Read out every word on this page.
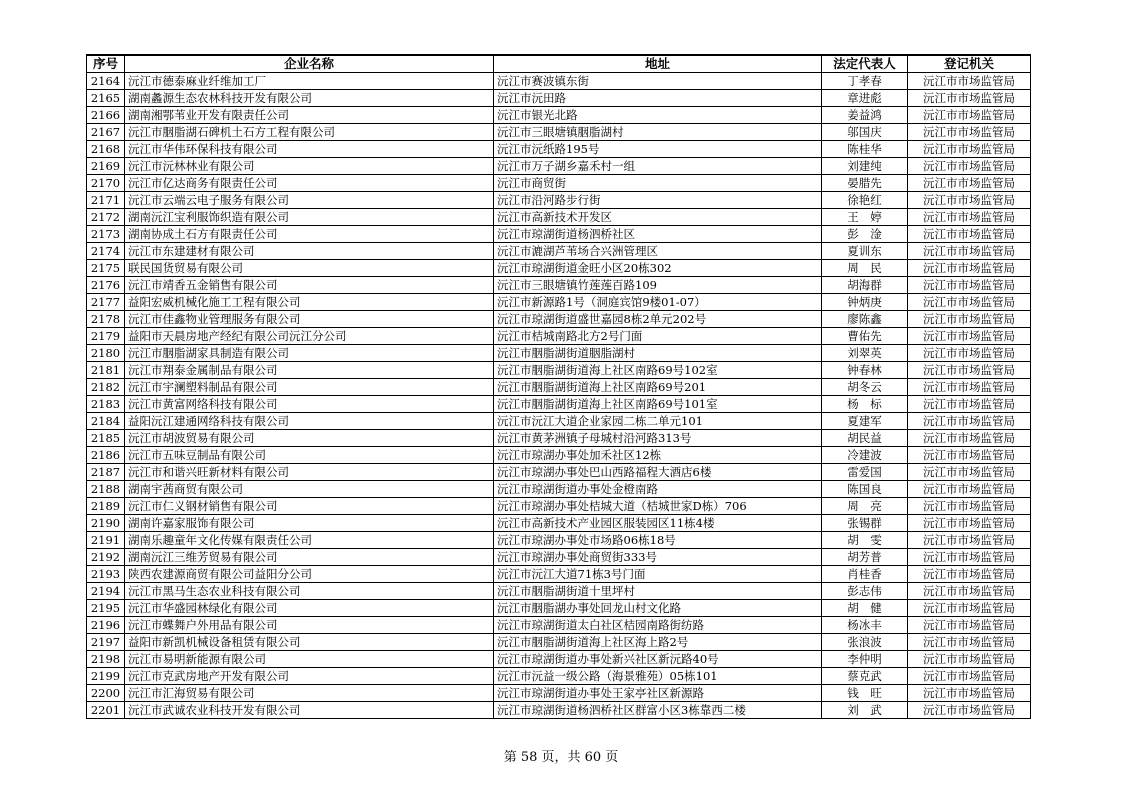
序号	企业名称	地址	法定代表人	登记机关
2164	沅江市德泰麻业纤维加工厂	沅江市赛波镇东街	丁孝春	沅江市市场监管局
2165	湖南蠡源生态农林科技开发有限公司	沅江市沅田路	章进彪	沅江市市场监管局
2166	湖南湘鄂苇业开发有限责任公司	沅江市银光北路	姜益鸿	沅江市市场监管局
2167	沅江市胭脂湖石碑机土石方工程有限公司	沅江市三眼塘镇胭脂湖村	邬国庆	沅江市市场监管局
2168	沅江市华伟环保科技有限公司	沅江市沅纸路195号	陈桂华	沅江市市场监管局
2169	沅江市沅林林业有限公司	沅江市万子湖乡嘉禾村一组	刘建纯	沅江市市场监管局
2170	沅江市亿达商务有限责任公司	沅江市商贸街	晏腊先	沅江市市场监管局
2171	沅江市云端云电子服务有限公司	沅江市沿河路步行街	徐艳红	沅江市市场监管局
2172	湖南沅江宝利服饰织造有限公司	沅江市高新技术开发区	王　婷	沅江市市场监管局
2173	湖南协成土石方有限责任公司	沅江市琼湖街道杨泗桥社区	彭　淦	沅江市市场监管局
2174	沅江市东建建材有限公司	沅江市漉湖芦苇场合兴洲管理区	夏训东	沅江市市场监管局
2175	联民国货贸易有限公司	沅江市琼湖街道金旺小区20栋302	周　民	沅江市市场监管局
2176	沅江市靖香五金销售有限公司	沅江市三眼塘镇竹莲莲百路109	胡海群	沅江市市场监管局
2177	益阳宏威机械化施工工程有限公司	沅江市新源路1号（洞庭宾馆9楼01-07）	钟炳庚	沅江市市场监管局
2178	沅江市佳鑫物业管理服务有限公司	沅江市琼湖街道盛世嘉园8栋2单元202号	廖陈鑫	沅江市市场监管局
2179	益阳市天晨房地产经纪有限公司沅江分公司	沅江市桔城南路北方2号门面	曹佑先	沅江市市场监管局
2180	沅江市胭脂湖家具制造有限公司	沅江市胭脂湖街道胭脂湖村	刘翠英	沅江市市场监管局
2181	沅江市翔泰金属制品有限公司	沅江市胭脂湖街道海上社区南路69号102室	钟春林	沅江市市场监管局
2182	沅江市宇澜塑料制品有限公司	沅江市胭脂湖街道海上社区南路69号201	胡冬云	沅江市市场监管局
2183	沅江市黄富网络科技有限公司	沅江市胭脂湖街道海上社区南路69号101室	杨　标	沅江市市场监管局
2184	益阳沅江建通网络科技有限公司	沅江市沅江大道企业家园二栋二单元101	夏建军	沅江市市场监管局
2185	沅江市胡波贸易有限公司	沅江市黄茅洲镇子母城村沿河路313号	胡民益	沅江市市场监管局
2186	沅江市五味豆制品有限公司	沅江市琼湖办事处加禾社区12栋	冷建波	沅江市市场监管局
2187	沅江市和谐兴旺新材料有限公司	沅江市琼湖办事处巴山西路福程大酒店6楼	雷爱国	沅江市市场监管局
2188	湖南宇茜商贸有限公司	沅江市琼湖街道办事处金橙南路	陈国良	沅江市市场监管局
2189	沅江市仁义钢材销售有限公司	沅江市琼湖办事处桔城大道（桔城世家D栋）706	周　亮	沅江市市场监管局
2190	湖南许嘉家服饰有限公司	沅江市高新技术产业园区服装园区11栋4楼	张锡群	沅江市市场监管局
2191	湖南乐趣童年文化传媒有限责任公司	沅江市琼湖办事处市场路06栋18号	胡　雯	沅江市市场监管局
2192	湖南沅江三维芳贸易有限公司	沅江市琼湖办事处商贸街333号	胡芳普	沅江市市场监管局
2193	陕西农建源商贸有限公司益阳分公司	沅江市沅江大道71栋3号门面	肖桂香	沅江市市场监管局
2194	沅江市黑马生态农业科技有限公司	沅江市胭脂湖街道十里坪村	彭志伟	沅江市市场监管局
2195	沅江市华盛园林绿化有限公司	沅江市胭脂湖办事处回龙山村文化路	胡　健	沅江市市场监管局
2196	沅江市蝶舞户外用品有限公司	沅江市琼湖街道太白社区桔园南路街纺路	杨冰丰	沅江市市场监管局
2197	益阳市新凯机械设备租赁有限公司	沅江市胭脂湖街道海上社区海上路2号	张浪波	沅江市市场监管局
2198	沅江市易明新能源有限公司	沅江市琼湖街道办事处新兴社区新沅路40号	李仲明	沅江市市场监管局
2199	沅江市克武房地产开发有限公司	沅江市沅益一级公路（海景雅苑）05栋101	蔡克武	沅江市市场监管局
2200	沅江市汇海贸易有限公司	沅江市琼湖街道办事处王家亭社区新源路	钱　旺	沅江市市场监管局
2201	沅江市武诚农业科技开发有限公司	沅江市琼湖街道杨泗桥社区群富小区3栋靠西二楼	刘　武	沅江市市场监管局
第 58 页，共 60 页
